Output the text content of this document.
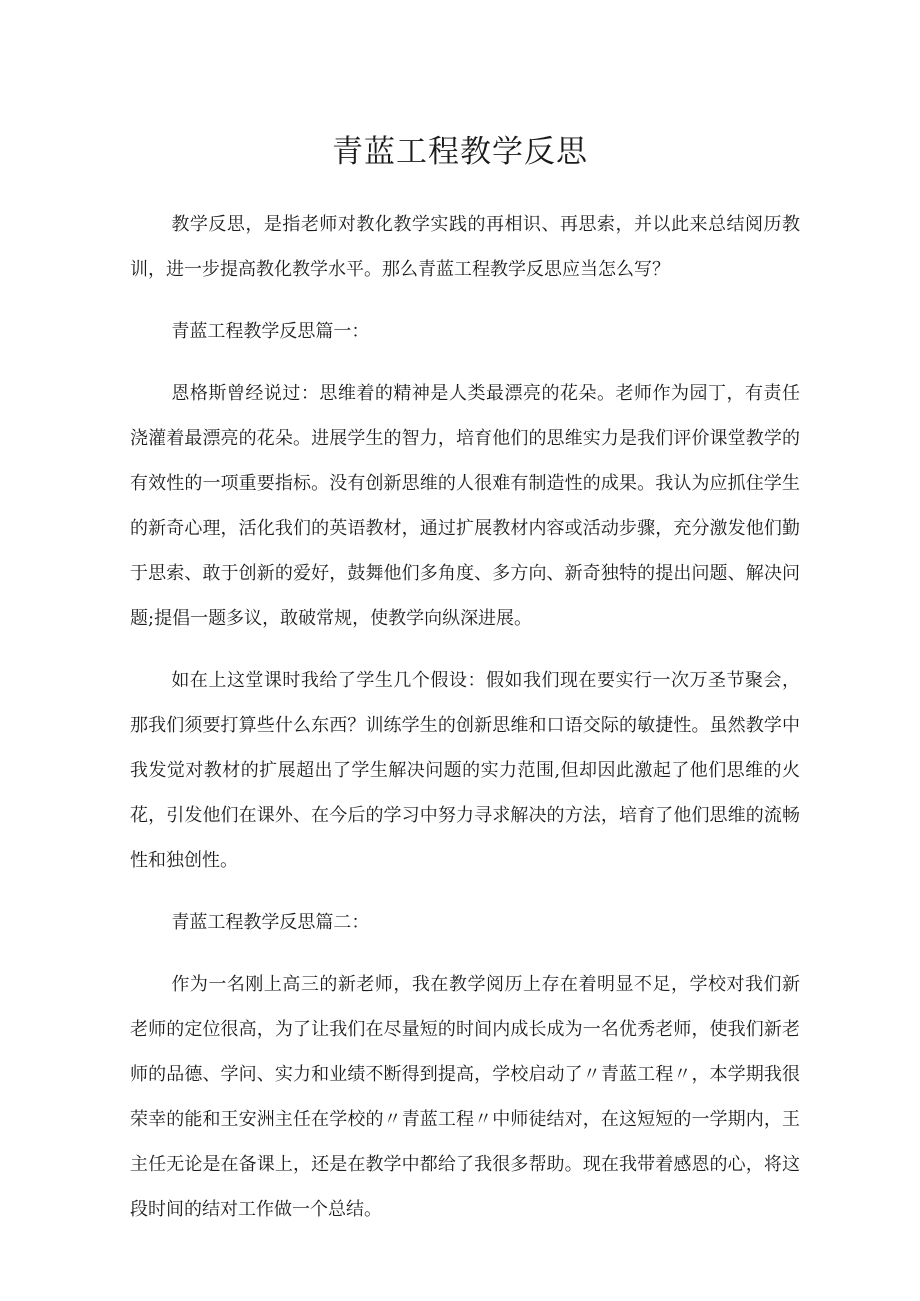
青蓝工程教学反思

教学反思，是指老师对教化教学实践的再相识、再思索，并以此来总结阅历教训，进一步提高教化教学水平。那么青蓝工程教学反思应当怎么写？

青蓝工程教学反思篇一：

恩格斯曾经说过：思维着的精神是人类最漂亮的花朵。老师作为园丁，有责任浇灌着最漂亮的花朵。进展学生的智力，培育他们的思维实力是我们评价课堂教学的有效性的一项重要指标。没有创新思维的人很难有制造性的成果。我认为应抓住学生的新奇心理，活化我们的英语教材，通过扩展教材内容或活动步骤，充分激发他们勤于思索、敢于创新的爱好，鼓舞他们多角度、多方向、新奇独特的提出问题、解决问题;提倡一题多议，敢破常规，使教学向纵深进展。

如在上这堂课时我给了学生几个假设：假如我们现在要实行一次万圣节聚会，那我们须要打算些什么东西？训练学生的创新思维和口语交际的敏捷性。虽然教学中我发觉对教材的扩展超出了学生解决问题的实力范围,但却因此激起了他们思维的火花，引发他们在课外、在今后的学习中努力寻求解决的方法，培育了他们思维的流畅性和独创性。

青蓝工程教学反思篇二：

作为一名刚上高三的新老师，我在教学阅历上存在着明显不足，学校对我们新老师的定位很高，为了让我们在尽量短的时间内成长成为一名优秀老师，使我们新老师的品德、学问、实力和业绩不断得到提高，学校启动了〃青蓝工程〃，本学期我很荣幸的能和王安洲主任在学校的〃青蓝工程〃中师徒结对，在这短短的一学期内，王主任无论是在备课上，还是在教学中都给了我很多帮助。现在我带着感恩的心，将这段时间的结对工作做一个总结。
